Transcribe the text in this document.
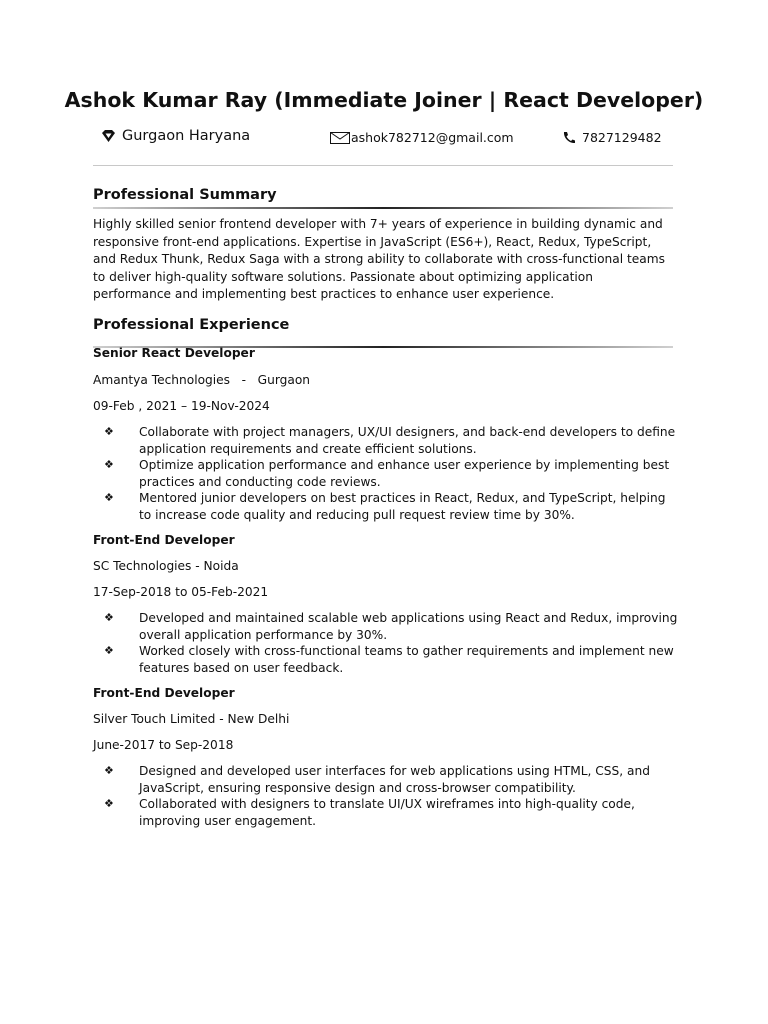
Ashok Kumar Ray (Immediate Joiner | React Developer)
Gurgaon Haryana	ashok782712@gmail.com	7827129482
Professional Summary

Highly skilled senior frontend developer with 7+ years of experience in building dynamic and responsive front-end applications. Expertise in JavaScript (ES6+), React, Redux, TypeScript, and Redux Thunk, Redux Saga with a strong ability to collaborate with cross-functional teams to deliver high-quality software solutions. Passionate about optimizing application performance and implementing best practices to enhance user experience.

Professional Experience
Senior React Developer
Amantya Technologies   -   Gurgaon
09-Feb , 2021 – 19-Nov-2024
❖ Collaborate with project managers, UX/UI designers, and back-end developers to define application requirements and create efficient solutions.
❖ Optimize application performance and enhance user experience by implementing best practices and conducting code reviews.
❖ Mentored junior developers on best practices in React, Redux, and TypeScript, helping to increase code quality and reducing pull request review time by 30%.
Front-End Developer
SC Technologies - Noida
17-Sep-2018 to 05-Feb-2021
❖ Developed and maintained scalable web applications using React and Redux, improving overall application performance by 30%.
❖ Worked closely with cross-functional teams to gather requirements and implement new features based on user feedback.
Front-End Developer
Silver Touch Limited - New Delhi
June-2017 to Sep-2018
❖ Designed and developed user interfaces for web applications using HTML, CSS, and JavaScript, ensuring responsive design and cross-browser compatibility.
❖ Collaborated with designers to translate UI/UX wireframes into high-quality code, improving user engagement.
